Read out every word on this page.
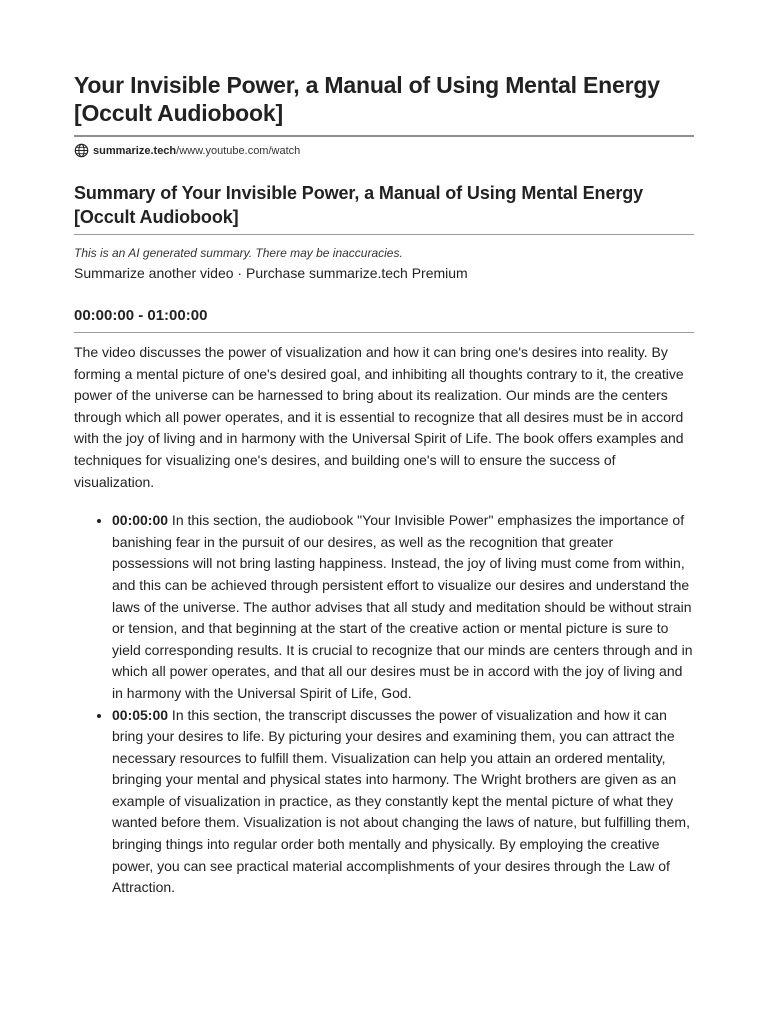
Your Invisible Power, a Manual of Using Mental Energy [Occult Audiobook]
summarize.tech /www.youtube.com/watch
Summary of Your Invisible Power, a Manual of Using Mental Energy [Occult Audiobook]

This is an AI generated summary. There may be inaccuracies.

Summarize another video · Purchase summarize.tech Premium

00:00:00 - 01:00:00

The video discusses the power of visualization and how it can bring one's desires into reality. By forming a mental picture of one's desired goal, and inhibiting all thoughts contrary to it, the creative power of the universe can be harnessed to bring about its realization. Our minds are the centers through which all power operates, and it is essential to recognize that all desires must be in accord with the joy of living and in harmony with the Universal Spirit of Life. The book offers examples and techniques for visualizing one's desires, and building one's will to ensure the success of visualization.

• 00:00:00 In this section, the audiobook "Your Invisible Power" emphasizes the importance of banishing fear in the pursuit of our desires, as well as the recognition that greater possessions will not bring lasting happiness. Instead, the joy of living must come from within, and this can be achieved through persistent effort to visualize our desires and understand the laws of the universe. The author advises that all study and meditation should be without strain or tension, and that beginning at the start of the creative action or mental picture is sure to yield corresponding results. It is crucial to recognize that our minds are centers through and in which all power operates, and that all our desires must be in accord with the joy of living and in harmony with the Universal Spirit of Life, God.
• 00:05:00 In this section, the transcript discusses the power of visualization and how it can bring your desires to life. By picturing your desires and examining them, you can attract the necessary resources to fulfill them. Visualization can help you attain an ordered mentality, bringing your mental and physical states into harmony. The Wright brothers are given as an example of visualization in practice, as they constantly kept the mental picture of what they wanted before them. Visualization is not about changing the laws of nature, but fulfilling them, bringing things into regular order both mentally and physically. By employing the creative power, you can see practical material accomplishments of your desires through the Law of Attraction.
